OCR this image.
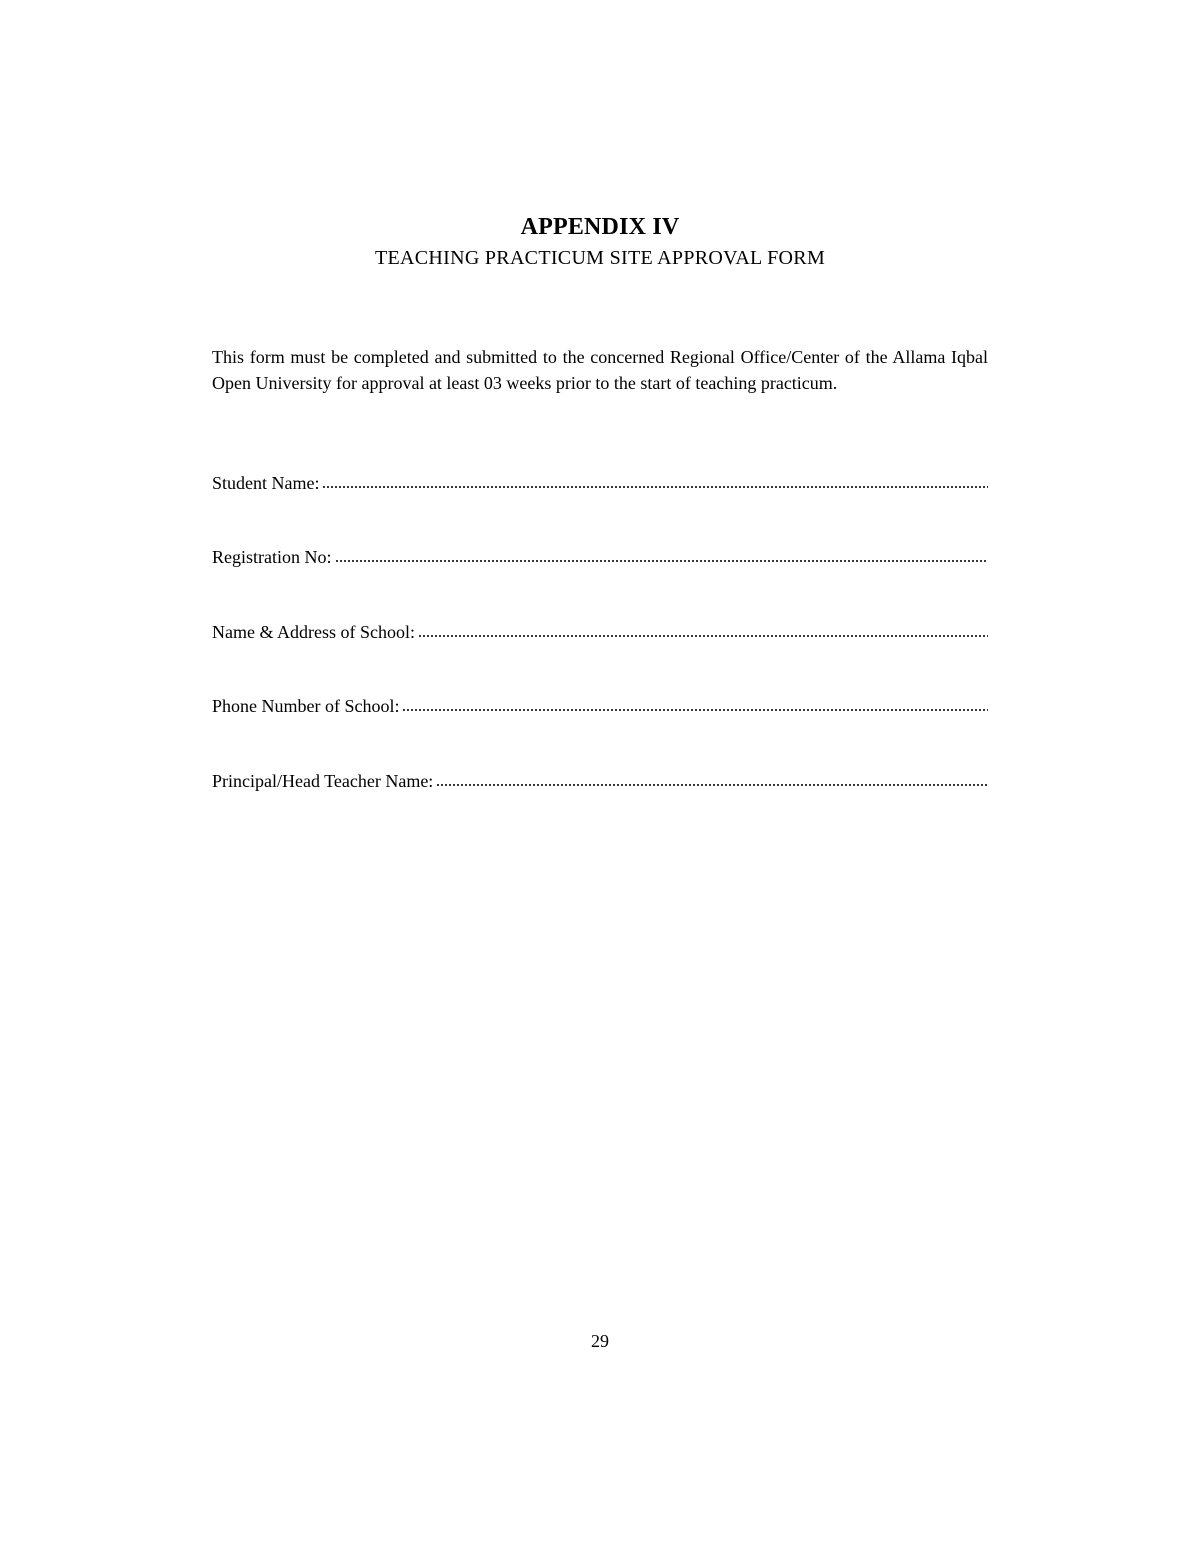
APPENDIX IV
TEACHING PRACTICUM SITE APPROVAL FORM

This form must be completed and submitted to the concerned Regional Office/Center of the Allama Iqbal Open University for approval at least 03 weeks prior to the start of teaching practicum.

Student Name:
Registration No:
Name & Address of School:
Phone Number of School:
Principal/Head Teacher Name:

29
